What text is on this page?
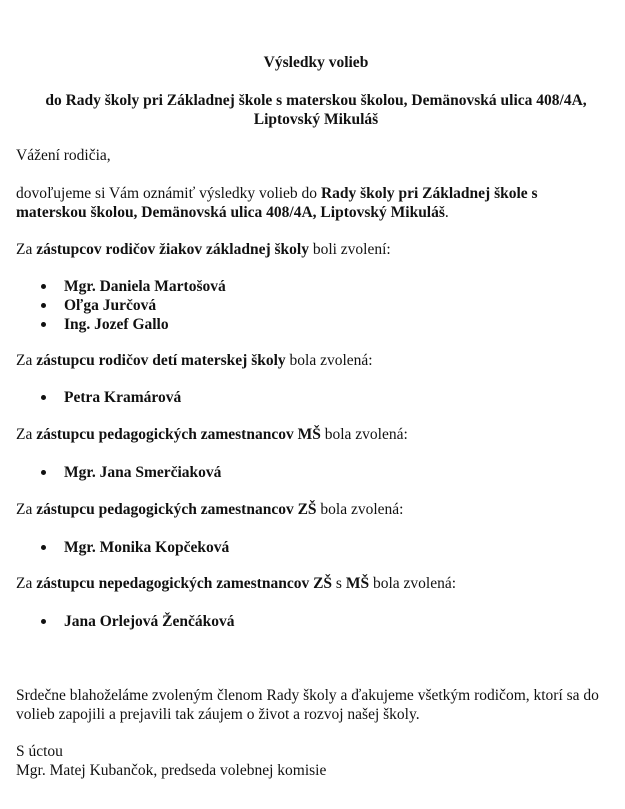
Výsledky volieb
do Rady školy pri Základnej škole s materskou školou, Demänovská ulica 408/4A,
Liptovský Mikuláš
Vážení rodičia,
dovoľujeme si Vám oznámiť výsledky volieb do Rady školy pri Základnej škole s
materskou školou, Demänovská ulica 408/4A, Liptovský Mikuláš.
Za zástupcov rodičov žiakov základnej školy boli zvolení:
Mgr. Daniela Martošová
Oľga Jurčová
Ing. Jozef Gallo
Za zástupcu rodičov detí materskej školy bola zvolená:
Petra Kramárová
Za zástupcu pedagogických zamestnancov MŠ bola zvolená:
Mgr. Jana Smerčiaková
Za zástupcu pedagogických zamestnancov ZŠ bola zvolená:
Mgr. Monika Kopčeková
Za zástupcu nepedagogických zamestnancov ZŠ s MŠ bola zvolená:
Jana Orlejová Ženčáková
Srdečne blahoželáme zvoleným členom Rady školy a ďakujeme všetkým rodičom, ktorí sa do
volieb zapojili a prejavili tak záujem o život a rozvoj našej školy.
S úctou
Mgr. Matej Kubančok, predseda volebnej komisie
